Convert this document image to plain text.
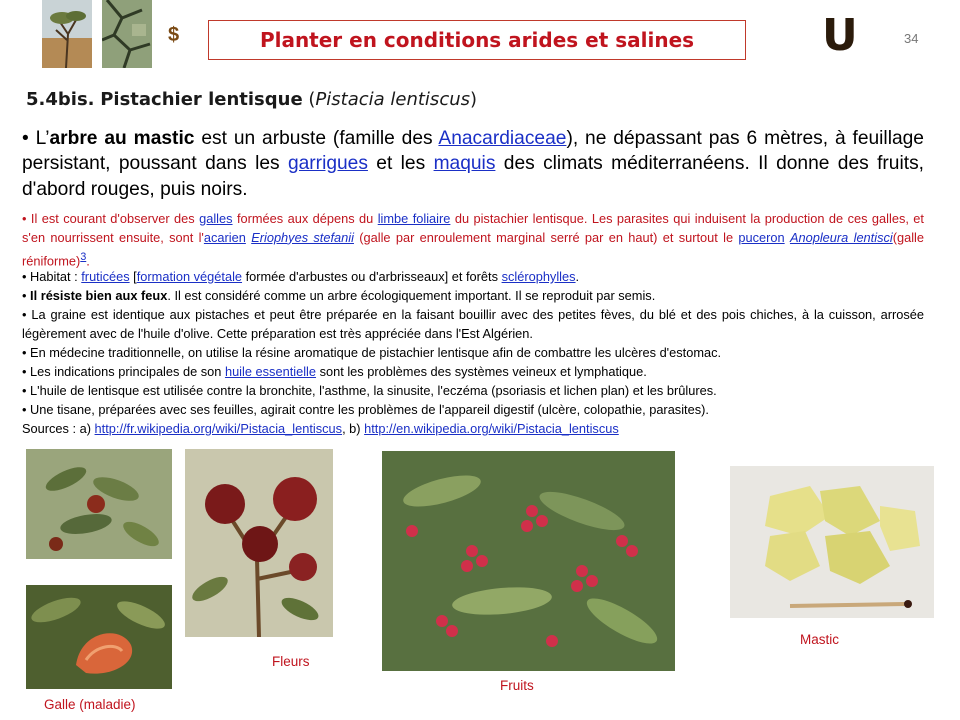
$	Planter en conditions arides et salines	U	34
5.4bis. Pistachier lentisque (Pistacia lentiscus)
• L’arbre au mastic est un arbuste (famille des Anacardiaceae), ne dépassant pas 6 mètres, à feuillage persistant, poussant dans les garrigues et les maquis des climats méditerranéens. Il donne des fruits, d'abord rouges, puis noirs.
• Il est courant d'observer des galles formées aux dépens du limbe foliaire du pistachier lentisque. Les parasites qui induisent la production de ces galles, et s'en nourrissent ensuite, sont l'acarien Eriophyes stefanii (galle par enroulement marginal serré par en haut) et surtout le puceron Anopleura lentisci(galle réniforme)$^3$.
• Habitat : fruticées [formation végétale formée d'arbustes ou d'arbrisseaux] et forêts sclérophylles.
• Il résiste bien aux feux. Il est considéré comme un arbre écologiquement important. Il se reproduit par semis.
• La graine est identique aux pistaches et peut être préparée en la faisant bouillir avec des petites fèves, du blé et des pois chiches, à la cuisson, arrosée légèrement avec de l'huile d'olive. Cette préparation est très appréciée dans l'Est Algérien.
• En médecine traditionnelle, on utilise la résine aromatique de pistachier lentisque afin de combattre les ulcères d'estomac.
• Les indications principales de son huile essentielle sont les problèmes des systèmes veineux et lymphatique.
• L'huile de lentisque est utilisée contre la bronchite, l'asthme, la sinusite, l'eczéma (psoriasis et lichen plan) et les brûlures.
• Une tisane, préparées avec ses feuilles, agirait contre les problèmes de l'appareil digestif (ulcère, colopathie, parasites).
Sources : a) http://fr.wikipedia.org/wiki/Pistacia_lentiscus, b) http://en.wikipedia.org/wiki/Pistacia_lentiscus
Galle (maladie)
Fleurs
Fruits
Mastic
